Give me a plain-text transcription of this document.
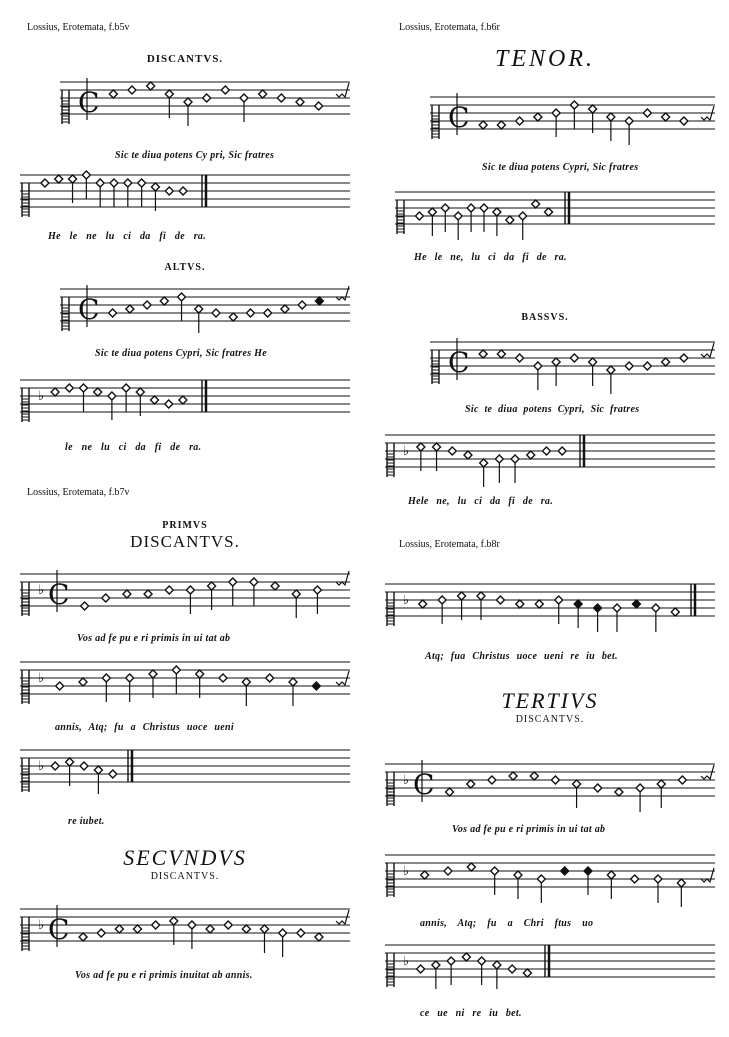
Lossius, Erotemata, f.b5v	Lossius, Erotemata, f.b6r
Lossius, Erotemata, f.b7v
Lossius, Erotemata, f.b8r
DISCANTVS.
ALTVS.
TENOR.
BASSVS.
PRIMVS
DISCANTVS.
SECVNDVS
DISCANTVS.
TERTIVS
DISCANTVS.
C
C
♭
C
C
♭
♭ C
♭
♭
♭ C
♭
♭ C
♭
♭
Sic te diua potens Cy pri, Sic fratres
He le ne lu ci da fi de ra.
Sic te diua potens Cypri, Sic fratres He
le ne lu ci da fi de ra.
Sic te diua potens Cypri, Sic fratres
He le ne, lu ci da fi de ra.
Sic te diua potens Cypri, Sic fratres
Hele ne, lu ci da fi de ra.
Vos ad fe pu e ri primis in ui tat ab
annis, Atq; fu a Christus uoce ueni
re iubet.
Vos ad fe pu e ri primis inuitat ab annis.
Atq; fua Christus uoce ueni re iu bet.
Vos ad fe pu e ri primis in ui tat ab
annis, Atq; fu a Chri ftus uo
ce ue ni re iu bet.
